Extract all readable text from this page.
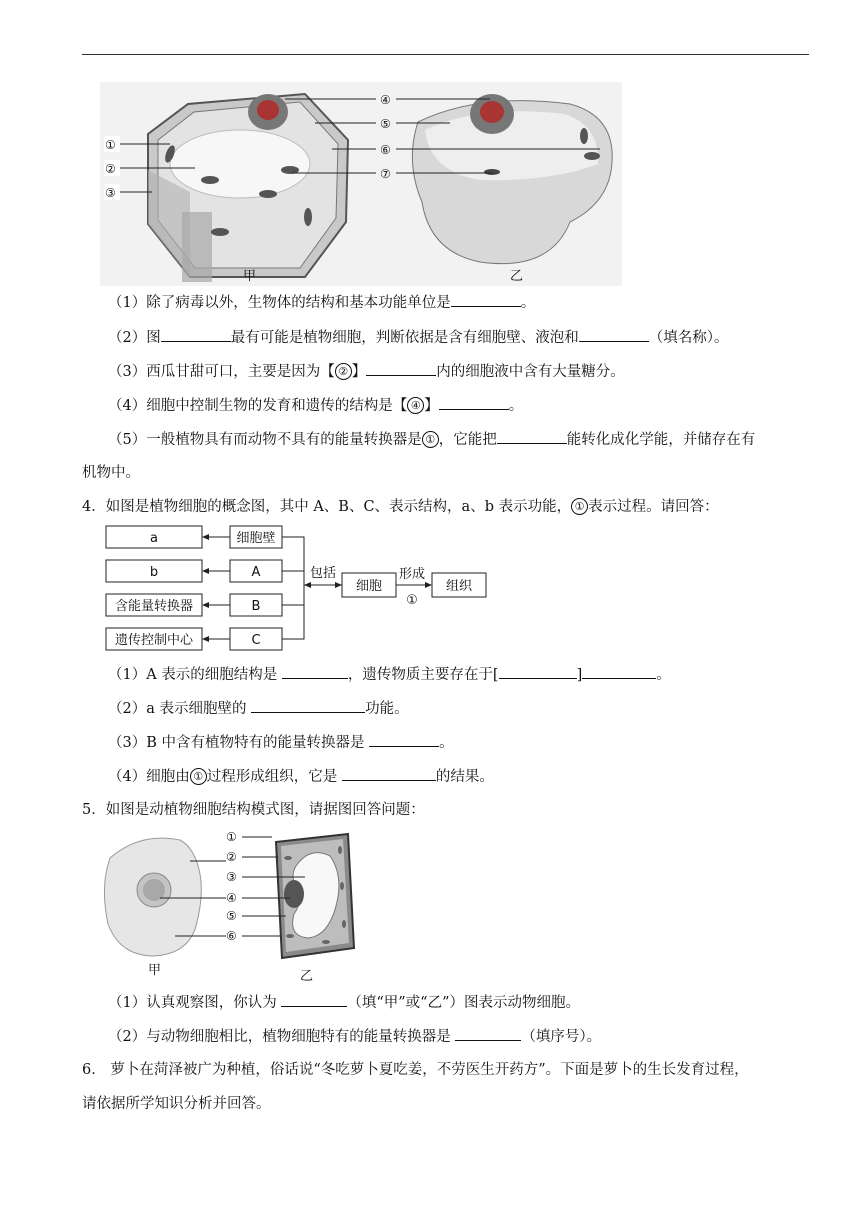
①
②
③
④
⑤
⑥
⑦
甲	乙
（1）除了病毒以外，生物体的结构和基本功能单位是	。
（2）图	最有可能是植物细胞，判断依据是含有细胞壁、液泡和	（填名称）。
（3）西瓜甘甜可口，主要是因为【 ② 】	内的细胞液中含有大量糖分。
（4）细胞中控制生物的发育和遗传的结构是【 ④ 】	。
（5）一般植物具有而动物不具有的能量转换器是 ① ，它能把	能转化成化学能，并储存在有
机物中。
4．如图是植物细胞的概念图，其中 A、B、C、表示结构，a、b 表示功能， ① 表示过程。请回答：
a
b
含能量转换器
遗传控制中心
细胞壁
A
B
C
包括
细胞
形成
①
组织
（1）A 表示的细胞结构是	，遗传物质主要存在于[	]	。
（2）a 表示细胞壁的	功能。
（3）B 中含有植物特有的能量转换器是	。
（4）细胞由 ① 过程形成组织，它是	的结果。
5．如图是动植物细胞结构模式图，请据图回答问题：
①
②
③
④
⑤
⑥
甲	乙
（1）认真观察图，你认为	（填“甲”或“乙”）图表示动物细胞。
（2）与动物细胞相比，植物细胞特有的能量转换器是	（填序号）。
6． 萝卜在菏泽被广为种植，俗话说“冬吃萝卜夏吃姜，不劳医生开药方”。下面是萝卜的生长发育过程，
请依据所学知识分析并回答。
